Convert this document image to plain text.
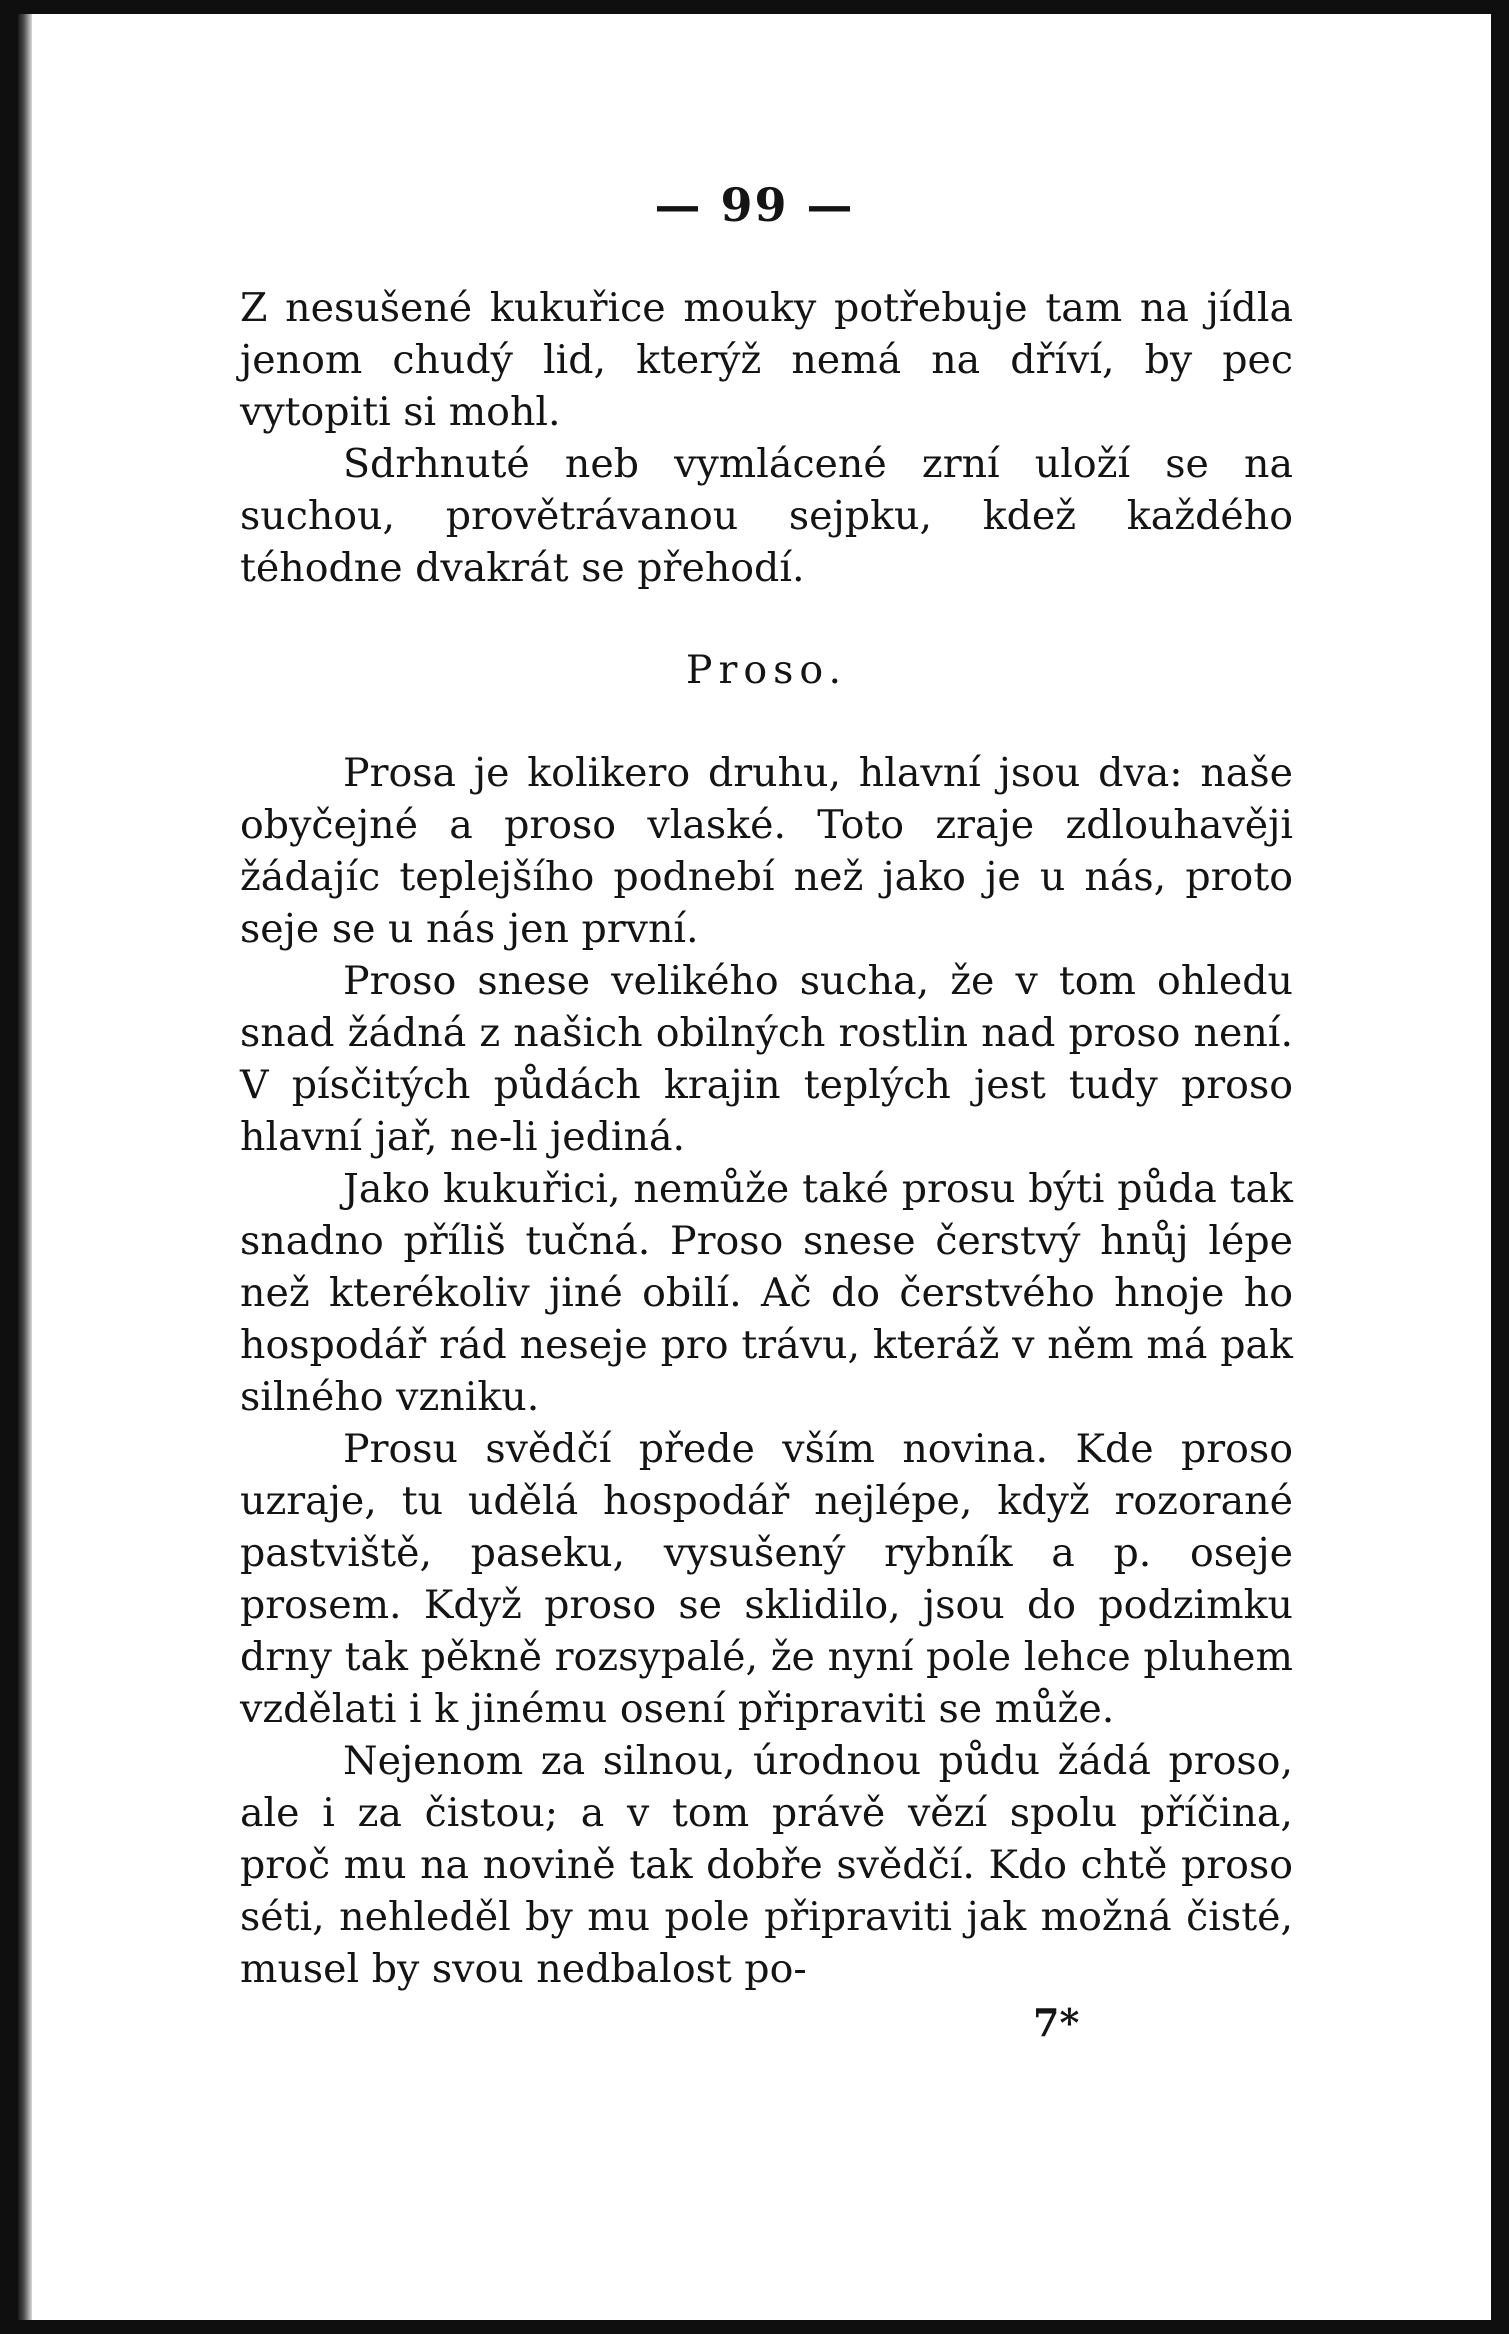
— 99 —

Z nesušené kukuřice mouky potřebuje tam na jídla jenom chudý lid, kterýž nemá na dříví, by pec vytopiti si mohl.

Sdrhnuté neb vymlácené zrní uloží se na suchou, provětrávanou sejpku, kdež každého téhodne dvakrát se přehodí.

Proso.

Prosa je kolikero druhu, hlavní jsou dva: naše obyčejné a proso vlaské. Toto zraje zdlouhavěji žádajíc teplejšího podnebí než jako je u nás, proto seje se u nás jen první.

Proso snese velikého sucha, že v tom ohledu snad žádná z našich obilných rostlin nad proso není. V písčitých půdách krajin teplých jest tudy proso hlavní jař, ne-li jediná.

Jako kukuřici, nemůže také prosu býti půda tak snadno příliš tučná. Proso snese čerstvý hnůj lépe než kterékoliv jiné obilí. Ač do čerstvého hnoje ho hospodář rád neseje pro trávu, kteráž v něm má pak silného vzniku.

Prosu svědčí přede vším novina. Kde proso uzraje, tu udělá hospodář nejlépe, když rozorané pastviště, paseku, vysušený rybník a p. oseje prosem. Když proso se sklidilo, jsou do podzimku drny tak pěkně rozsypalé, že nyní pole lehce pluhem vzdělati i k jinému osení připraviti se může.

Nejenom za silnou, úrodnou půdu žádá proso, ale i za čistou; a v tom právě vězí spolu příčina, proč mu na novině tak dobře svědčí. Kdo chtě proso séti, nehleděl by mu pole připraviti jak možná čisté, musel by svou nedbalost po-

7*
